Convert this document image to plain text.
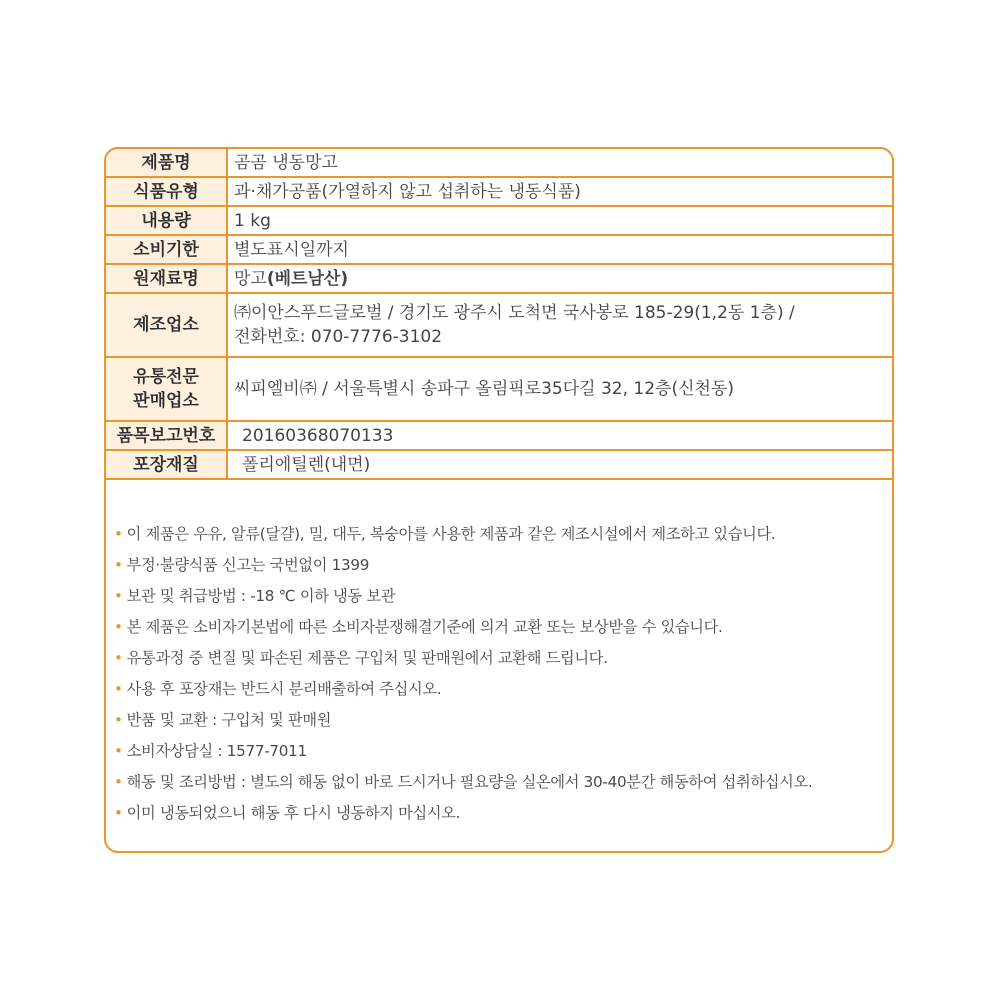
제품명	곰곰 냉동망고
식품유형	과·채가공품(가열하지 않고 섭취하는 냉동식품)
내용량	1 kg
소비기한	별도표시일까지
원재료명	망고(베트남산)
제조업소	㈜이안스푸드글로벌 / 경기도 광주시 도척면 국사봉로 185-29(1,2동 1층) /
전화번호: 070-7776-3102

유통전문
판매업소	씨피엘비㈜ / 서울특별시 송파구 올림픽로35다길 32, 12층(신천동)
품목보고번호	20160368070133
포장재질	폴리에틸렌(내면)
• 이 제품은 우유, 알류(달걀), 밀, 대두, 복숭아를 사용한 제품과 같은 제조시설에서 제조하고 있습니다.
• 부정·불량식품 신고는 국번없이 1399
• 보관 및 취급방법 : -18 ℃ 이하 냉동 보관
• 본 제품은 소비자기본법에 따른 소비자분쟁해결기준에 의거 교환 또는 보상받을 수 있습니다.
• 유통과정 중 변질 및 파손된 제품은 구입처 및 판매원에서 교환해 드립니다.
• 사용 후 포장재는 반드시 분리배출하여 주십시오.
• 반품 및 교환 : 구입처 및 판매원
• 소비자상담실 : 1577-7011
• 해동 및 조리방법 : 별도의 해동 없이 바로 드시거나 필요량을 실온에서 30-40분간 해동하여 섭취하십시오.
• 이미 냉동되었으니 해동 후 다시 냉동하지 마십시오.
